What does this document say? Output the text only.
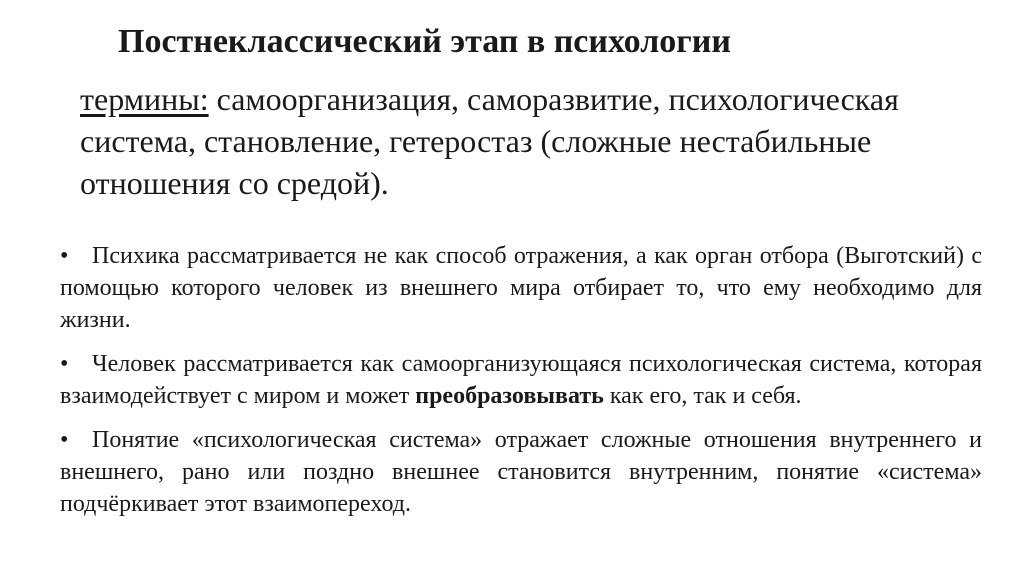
Постнеклассический этап в психологии
термины: самоорганизация, саморазвитие, психологическая система, становление, гетеростаз (сложные нестабильные отношения со средой).
• Психика рассматривается не как способ отражения, а как орган отбора (Выготский) с помощью которого человек из внешнего мира отбирает то, что ему необходимо для жизни.
• Человек рассматривается как самоорганизующаяся психологическая система, которая взаимодействует с миром и может преобразовывать как его, так и себя.
• Понятие «психологическая система» отражает сложные отношения внутреннего и внешнего, рано или поздно внешнее становится внутренним, понятие «система» подчёркивает этот взаимопереход.
